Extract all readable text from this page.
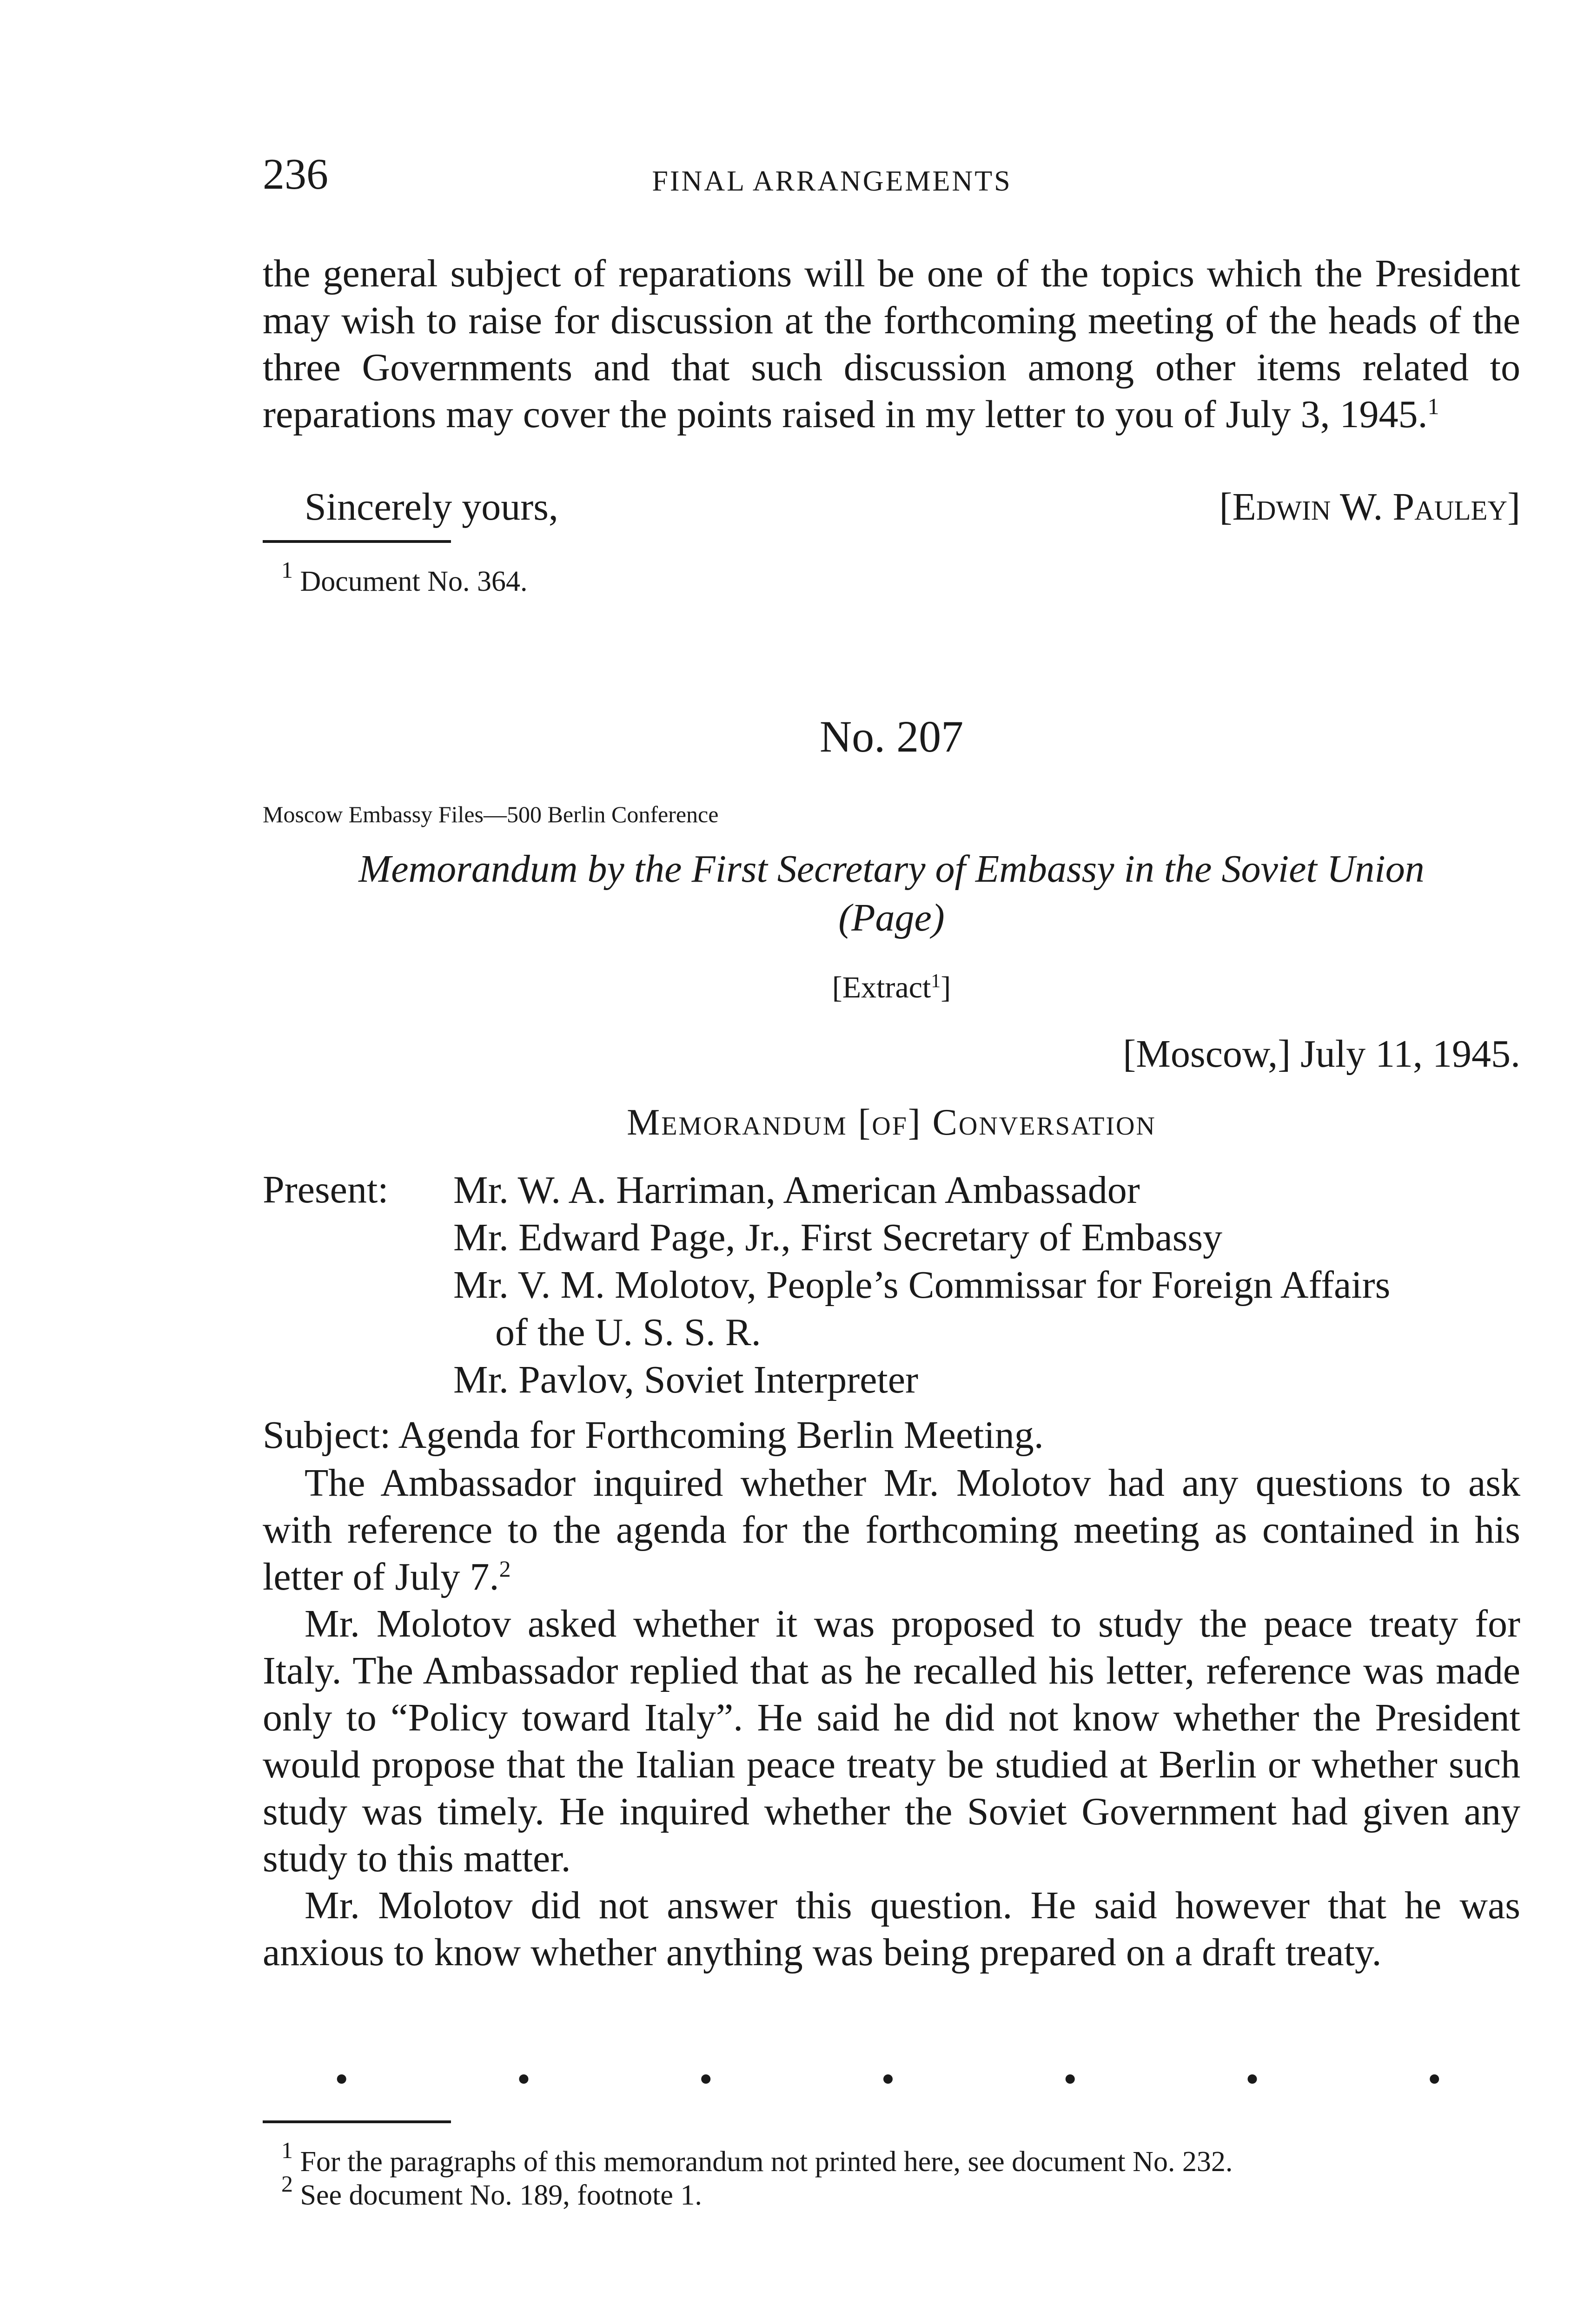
236	FINAL ARRANGEMENTS

the general subject of reparations will be one of the topics which the President may wish to raise for discussion at the forthcoming meeting of the heads of the three Governments and that such discussion among other items related to reparations may cover the points raised in my letter to you of July 3, 1945.$^1$

Sincerely yours,	[Edwin W. Pauley]
$^1$ Document No. 364.
No. 207
Moscow Embassy Files—500 Berlin Conference
Memorandum by the First Secretary of Embassy in the Soviet Union
(Page)
[Extract$^1$]
[Moscow,] July 11, 1945.
Memorandum [of] Conversation
Present: Mr. W. A. Harriman, American Ambassador
Mr. Edward Page, Jr., First Secretary of Embassy
Mr. V. M. Molotov, People’s Commissar for Foreign Affairs
of the U. S. S. R.
Mr. Pavlov, Soviet Interpreter
Subject: Agenda for Forthcoming Berlin Meeting.

The Ambassador inquired whether Mr. Molotov had any questions to ask with reference to the agenda for the forthcoming meeting as contained in his letter of July 7.$^2$

Mr. Molotov asked whether it was proposed to study the peace treaty for Italy. The Ambassador replied that as he recalled his letter, reference was made only to “Policy toward Italy”. He said he did not know whether the President would propose that the Italian peace treaty be studied at Berlin or whether such study was timely. He inquired whether the Soviet Government had given any study to this matter.

Mr. Molotov did not answer this question. He said however that he was anxious to know whether anything was being prepared on a draft treaty.

•	•	•	•	•	•	•

$^1$ For the paragraphs of this memorandum not printed here, see document No. 232.

$^2$ See document No. 189, footnote 1.
